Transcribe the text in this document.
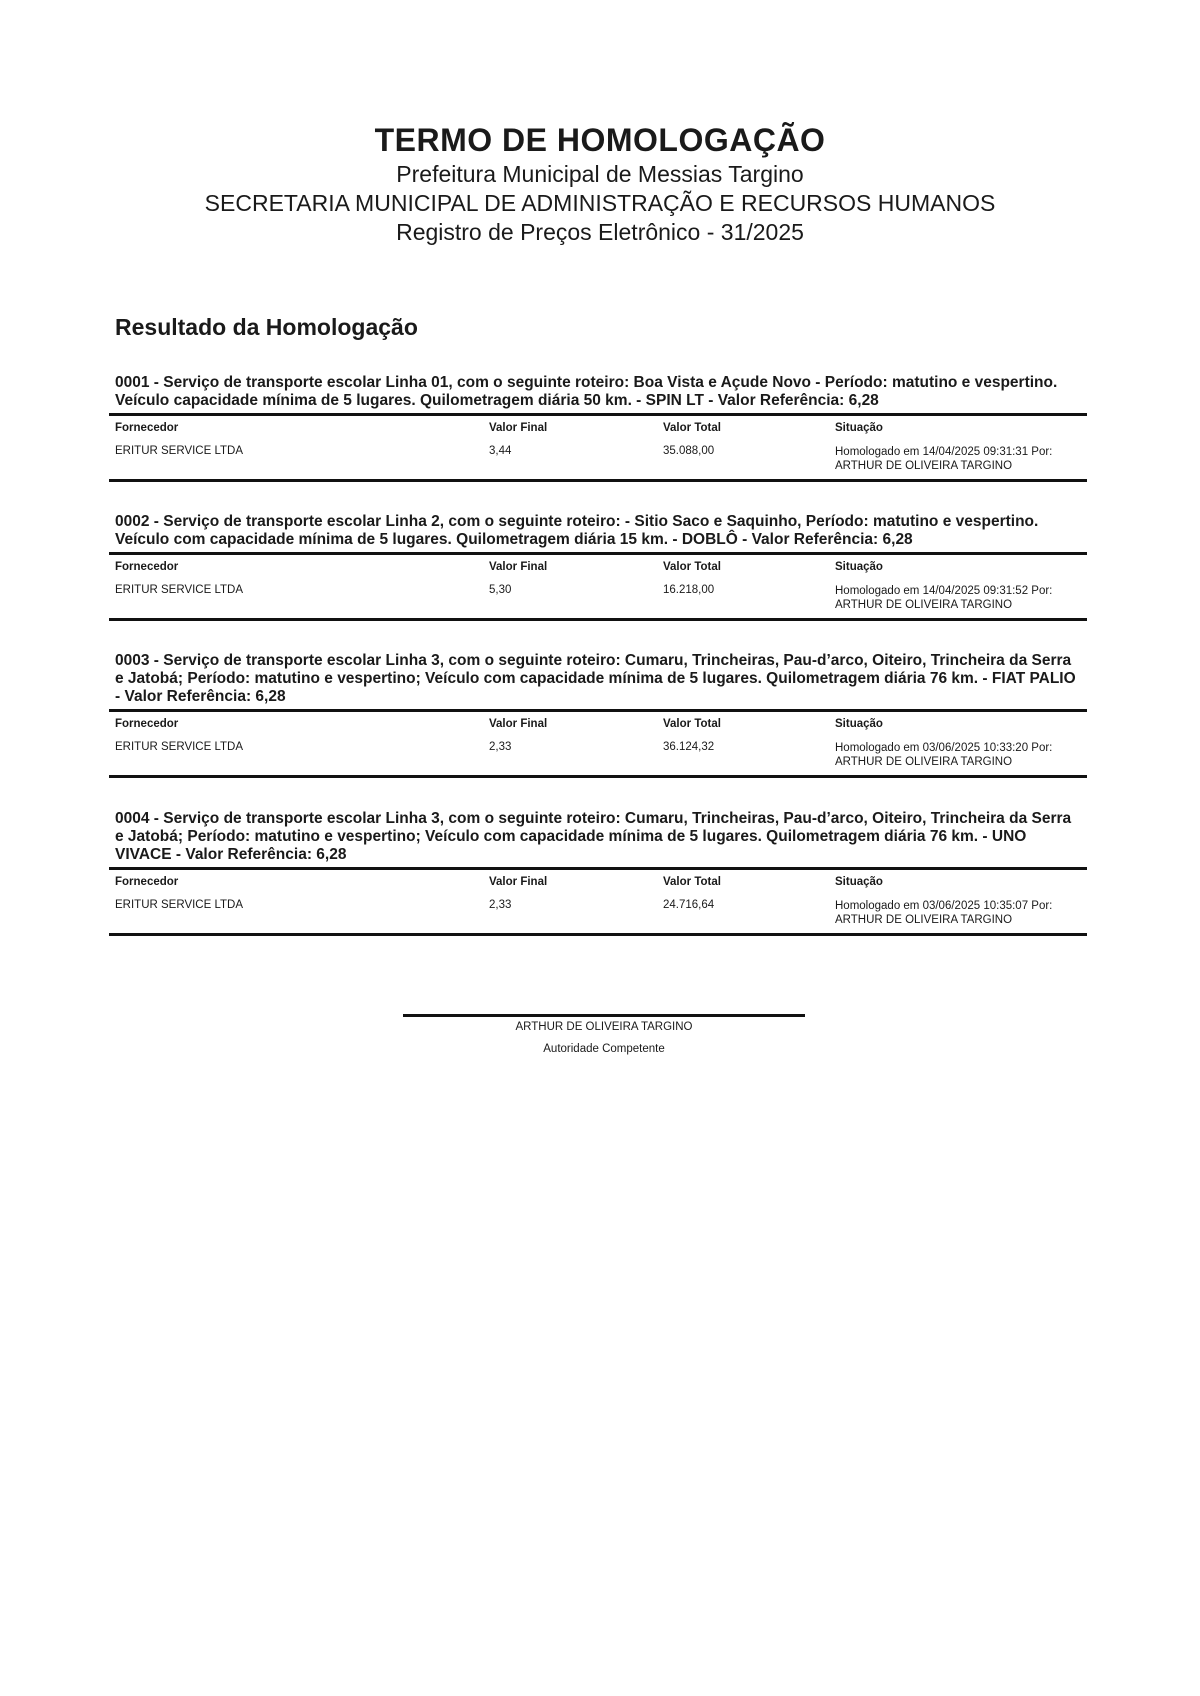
TERMO DE HOMOLOGAÇÃO

Prefeitura Municipal de Messias Targino

SECRETARIA MUNICIPAL DE ADMINISTRAÇÃO E RECURSOS HUMANOS

Registro de Preços Eletrônico - 31/2025

Resultado da Homologação
0001 - Serviço de transporte escolar Linha 01, com o seguinte roteiro: Boa Vista e Açude Novo - Período: matutino e vespertino. Veículo capacidade mínima de 5 lugares. Quilometragem diária 50 km. - SPIN LT - Valor Referência: 6,28
Fornecedor	Valor Final	Valor Total	Situação
ERITUR SERVICE LTDA	3,44	35.088,00	Homologado em 14/04/2025 09:31:31 Por: ARTHUR DE OLIVEIRA TARGINO
0002 - Serviço de transporte escolar Linha 2, com o seguinte roteiro: - Sitio Saco e Saquinho, Período: matutino e vespertino. Veículo com capacidade mínima de 5 lugares. Quilometragem diária 15 km. - DOBLÔ - Valor Referência: 6,28
Fornecedor	Valor Final	Valor Total	Situação
ERITUR SERVICE LTDA	5,30	16.218,00	Homologado em 14/04/2025 09:31:52 Por: ARTHUR DE OLIVEIRA TARGINO
0003 - Serviço de transporte escolar Linha 3, com o seguinte roteiro: Cumaru, Trincheiras, Pau-d’arco, Oiteiro, Trincheira da Serra e Jatobá; Período: matutino e vespertino; Veículo com capacidade mínima de 5 lugares. Quilometragem diária 76 km. - FIAT PALIO - Valor Referência: 6,28
Fornecedor	Valor Final	Valor Total	Situação
ERITUR SERVICE LTDA	2,33	36.124,32	Homologado em 03/06/2025 10:33:20 Por: ARTHUR DE OLIVEIRA TARGINO
0004 - Serviço de transporte escolar Linha 3, com o seguinte roteiro: Cumaru, Trincheiras, Pau-d’arco, Oiteiro, Trincheira da Serra e Jatobá; Período: matutino e vespertino; Veículo com capacidade mínima de 5 lugares. Quilometragem diária 76 km. - UNO VIVACE - Valor Referência: 6,28
Fornecedor	Valor Final	Valor Total	Situação
ERITUR SERVICE LTDA	2,33	24.716,64	Homologado em 03/06/2025 10:35:07 Por: ARTHUR DE OLIVEIRA TARGINO
ARTHUR DE OLIVEIRA TARGINO
Autoridade Competente
